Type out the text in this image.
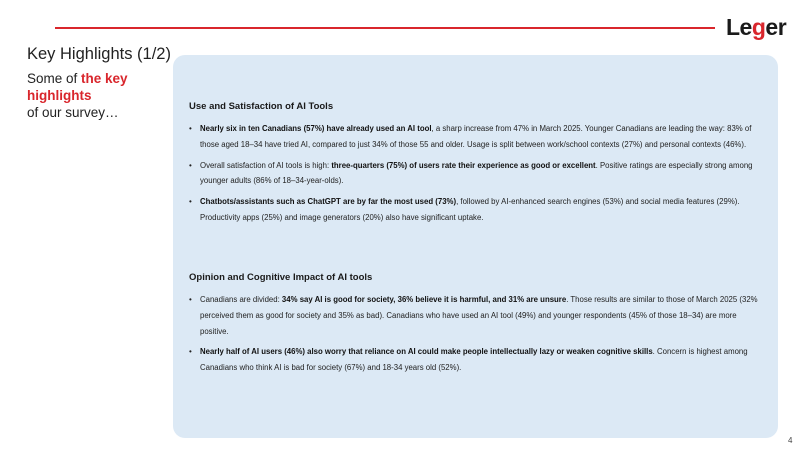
Leger
Key Highlights (1/2)
Some of the key highlights
of our survey…	Use and Satisfaction of AI Tools
• Nearly six in ten Canadians (57%) have already used an AI tool, a sharp increase from 47% in March 2025. Younger Canadians are leading the way: 83% of those aged 18–34 have tried AI, compared to just 34% of those 55 and older. Usage is split between work/school contexts (27%) and personal contexts (46%).
• Overall satisfaction of AI tools is high: three-quarters (75%) of users rate their experience as good or excellent. Positive ratings are especially strong among younger adults (86% of 18–34-year-olds).
• Chatbots/assistants such as ChatGPT are by far the most used (73%), followed by AI-enhanced search engines (53%) and social media features (29%). Productivity apps (25%) and image generators (20%) also have significant uptake.
Opinion and Cognitive Impact of AI tools
• Canadians are divided: 34% say AI is good for society, 36% believe it is harmful, and 31% are unsure. Those results are similar to those of March 2025 (32% perceived them as good for society and 35% as bad). Canadians who have used an AI tool (49%) and younger respondents (45% of those 18–34) are more positive.
• Nearly half of AI users (46%) also worry that reliance on AI could make people intellectually lazy or weaken cognitive skills. Concern is highest among Canadians who think AI is bad for society (67%) and 18-34 years old (52%).
4
